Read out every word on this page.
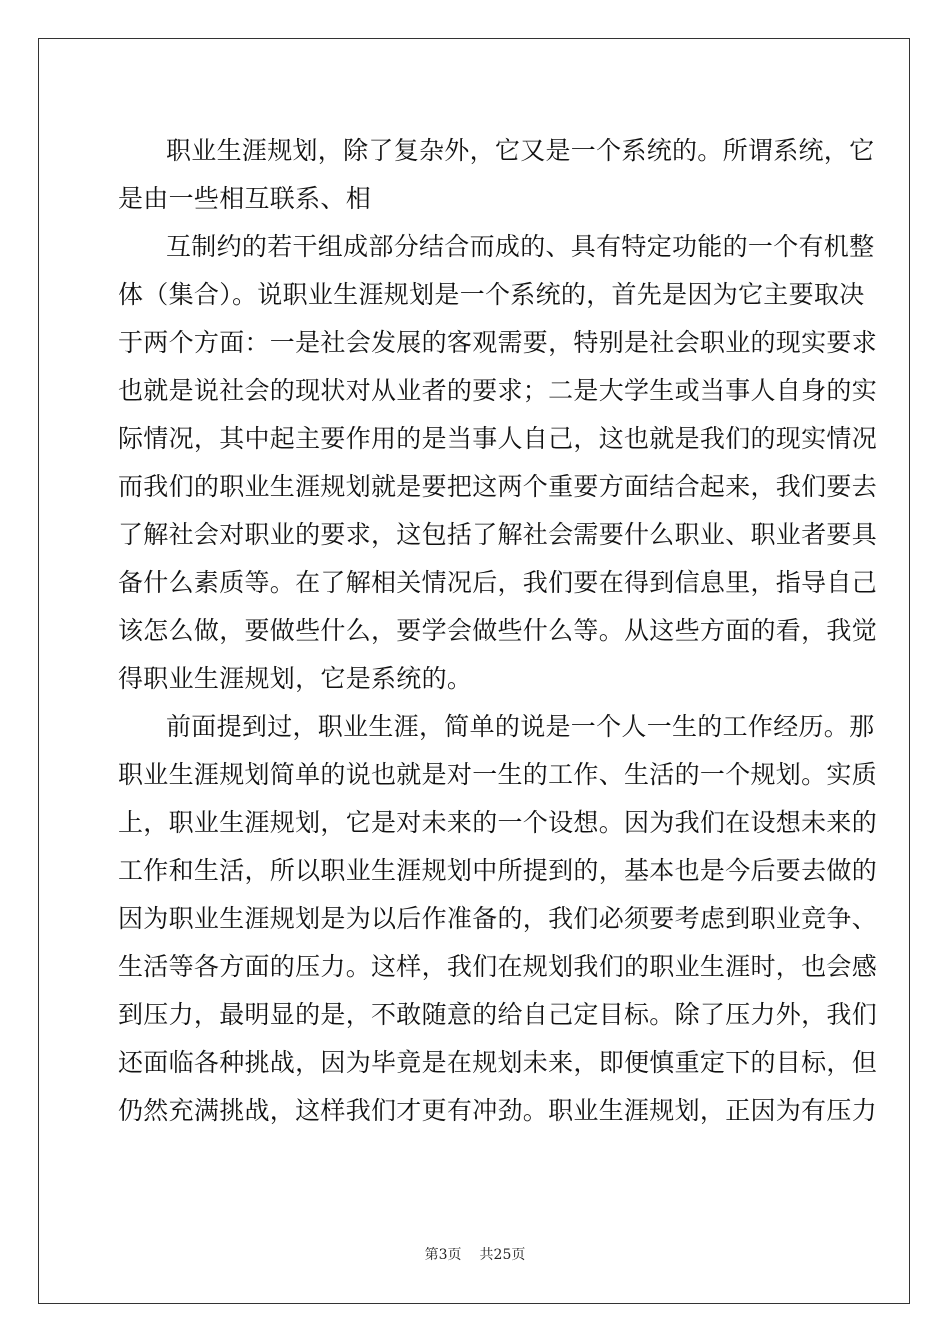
职业生涯规划，除了复杂外，它又是一个系统的。所谓系统，它
是由一些相互联系、相
互制约的若干组成部分结合而成的、具有特定功能的一个有机整
体（集合）。说职业生涯规划是一个系统的，首先是因为它主要取决
于两个方面：一是社会发展的客观需要，特别是社会职业的现实要求
也就是说社会的现状对从业者的要求；二是大学生或当事人自身的实
际情况，其中起主要作用的是当事人自己，这也就是我们的现实情况
而我们的职业生涯规划就是要把这两个重要方面结合起来，我们要去
了解社会对职业的要求，这包括了解社会需要什么职业、职业者要具
备什么素质等。在了解相关情况后，我们要在得到信息里，指导自己
该怎么做，要做些什么，要学会做些什么等。从这些方面的看，我觉
得职业生涯规划，它是系统的。
前面提到过，职业生涯，简单的说是一个人一生的工作经历。那
职业生涯规划简单的说也就是对一生的工作、生活的一个规划。实质
上，职业生涯规划，它是对未来的一个设想。因为我们在设想未来的
工作和生活，所以职业生涯规划中所提到的，基本也是今后要去做的
因为职业生涯规划是为以后作准备的，我们必须要考虑到职业竞争、
生活等各方面的压力。这样，我们在规划我们的职业生涯时，也会感
到压力，最明显的是，不敢随意的给自己定目标。除了压力外，我们
还面临各种挑战，因为毕竟是在规划未来，即便慎重定下的目标，但
仍然充满挑战，这样我们才更有冲劲。职业生涯规划，正因为有压力
第3页 共25页
